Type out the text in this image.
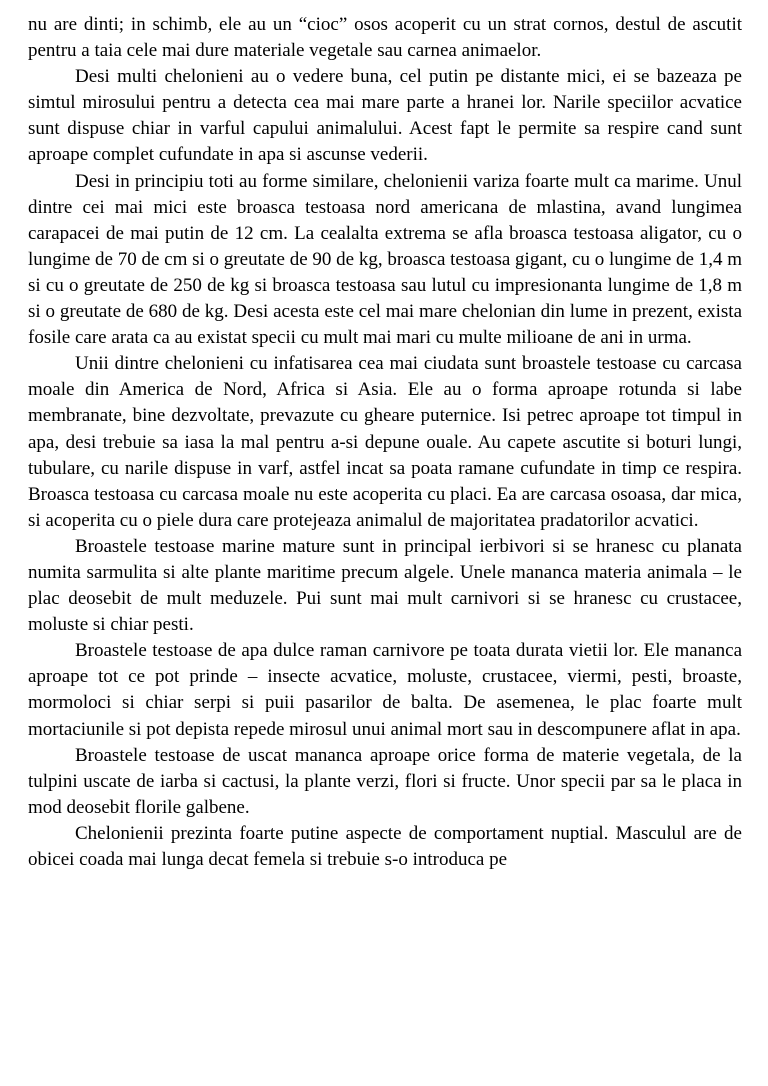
nu are dinti; in schimb, ele au un “cioc” osos acoperit cu un strat cornos, destul de ascutit pentru a taia cele mai dure materiale vegetale sau carnea animaelor.

Desi multi chelonieni au o vedere buna, cel putin pe distante mici, ei se bazeaza pe simtul mirosului pentru a detecta cea mai mare parte a hranei lor. Narile speciilor acvatice sunt dispuse chiar in varful capului animalului. Acest fapt le permite sa respire cand sunt aproape complet cufundate in apa si ascunse vederii.

Desi in principiu toti au forme similare, chelonienii variza foarte mult ca marime. Unul dintre cei mai mici este broasca testoasa nord americana de mlastina, avand lungimea carapacei de mai putin de 12 cm. La cealalta extrema se afla broasca testoasa aligator, cu o lungime de 70 de cm si o greutate de 90 de kg, broasca testoasa gigant, cu o lungime de 1,4 m si cu o greutate de 250 de kg si broasca testoasa sau lutul cu impresionanta lungime de 1,8 m si o greutate de 680 de kg. Desi acesta este cel mai mare chelonian din lume in prezent, exista fosile care arata ca au existat specii cu mult mai mari cu multe milioane de ani in urma.

Unii dintre chelonieni cu infatisarea cea mai ciudata sunt broastele testoase cu carcasa moale din America de Nord, Africa si Asia. Ele au o forma aproape rotunda si labe membranate, bine dezvoltate, prevazute cu gheare puternice. Isi petrec aproape tot timpul in apa, desi trebuie sa iasa la mal pentru a-si depune ouale. Au capete ascutite si boturi lungi, tubulare, cu narile dispuse in varf, astfel incat sa poata ramane cufundate in timp ce respira. Broasca testoasa cu carcasa moale nu este acoperita cu placi. Ea are carcasa osoasa, dar mica, si acoperita cu o piele dura care protejeaza animalul de majoritatea pradatorilor acvatici.

Broastele testoase marine mature sunt in principal ierbivori si se hranesc cu planata numita sarmulita si alte plante maritime precum algele. Unele mananca materia animala – le plac deosebit de mult meduzele. Pui sunt mai mult carnivori si se hranesc cu crustacee, moluste si chiar pesti.

Broastele testoase de apa dulce raman carnivore pe toata durata vietii lor. Ele mananca aproape tot ce pot prinde – insecte acvatice, moluste, crustacee, viermi, pesti, broaste, mormoloci si chiar serpi si puii pasarilor de balta. De asemenea, le plac foarte mult mortaciunile si pot depista repede mirosul unui animal mort sau in descompunere aflat in apa.

Broastele testoase de uscat mananca aproape orice forma de materie vegetala, de la tulpini uscate de iarba si cactusi, la plante verzi, flori si fructe. Unor specii par sa le placa in mod deosebit florile galbene.

Chelonienii prezinta foarte putine aspecte de comportament nuptial. Masculul are de obicei coada mai lunga decat femela si trebuie s-o introduca pe
